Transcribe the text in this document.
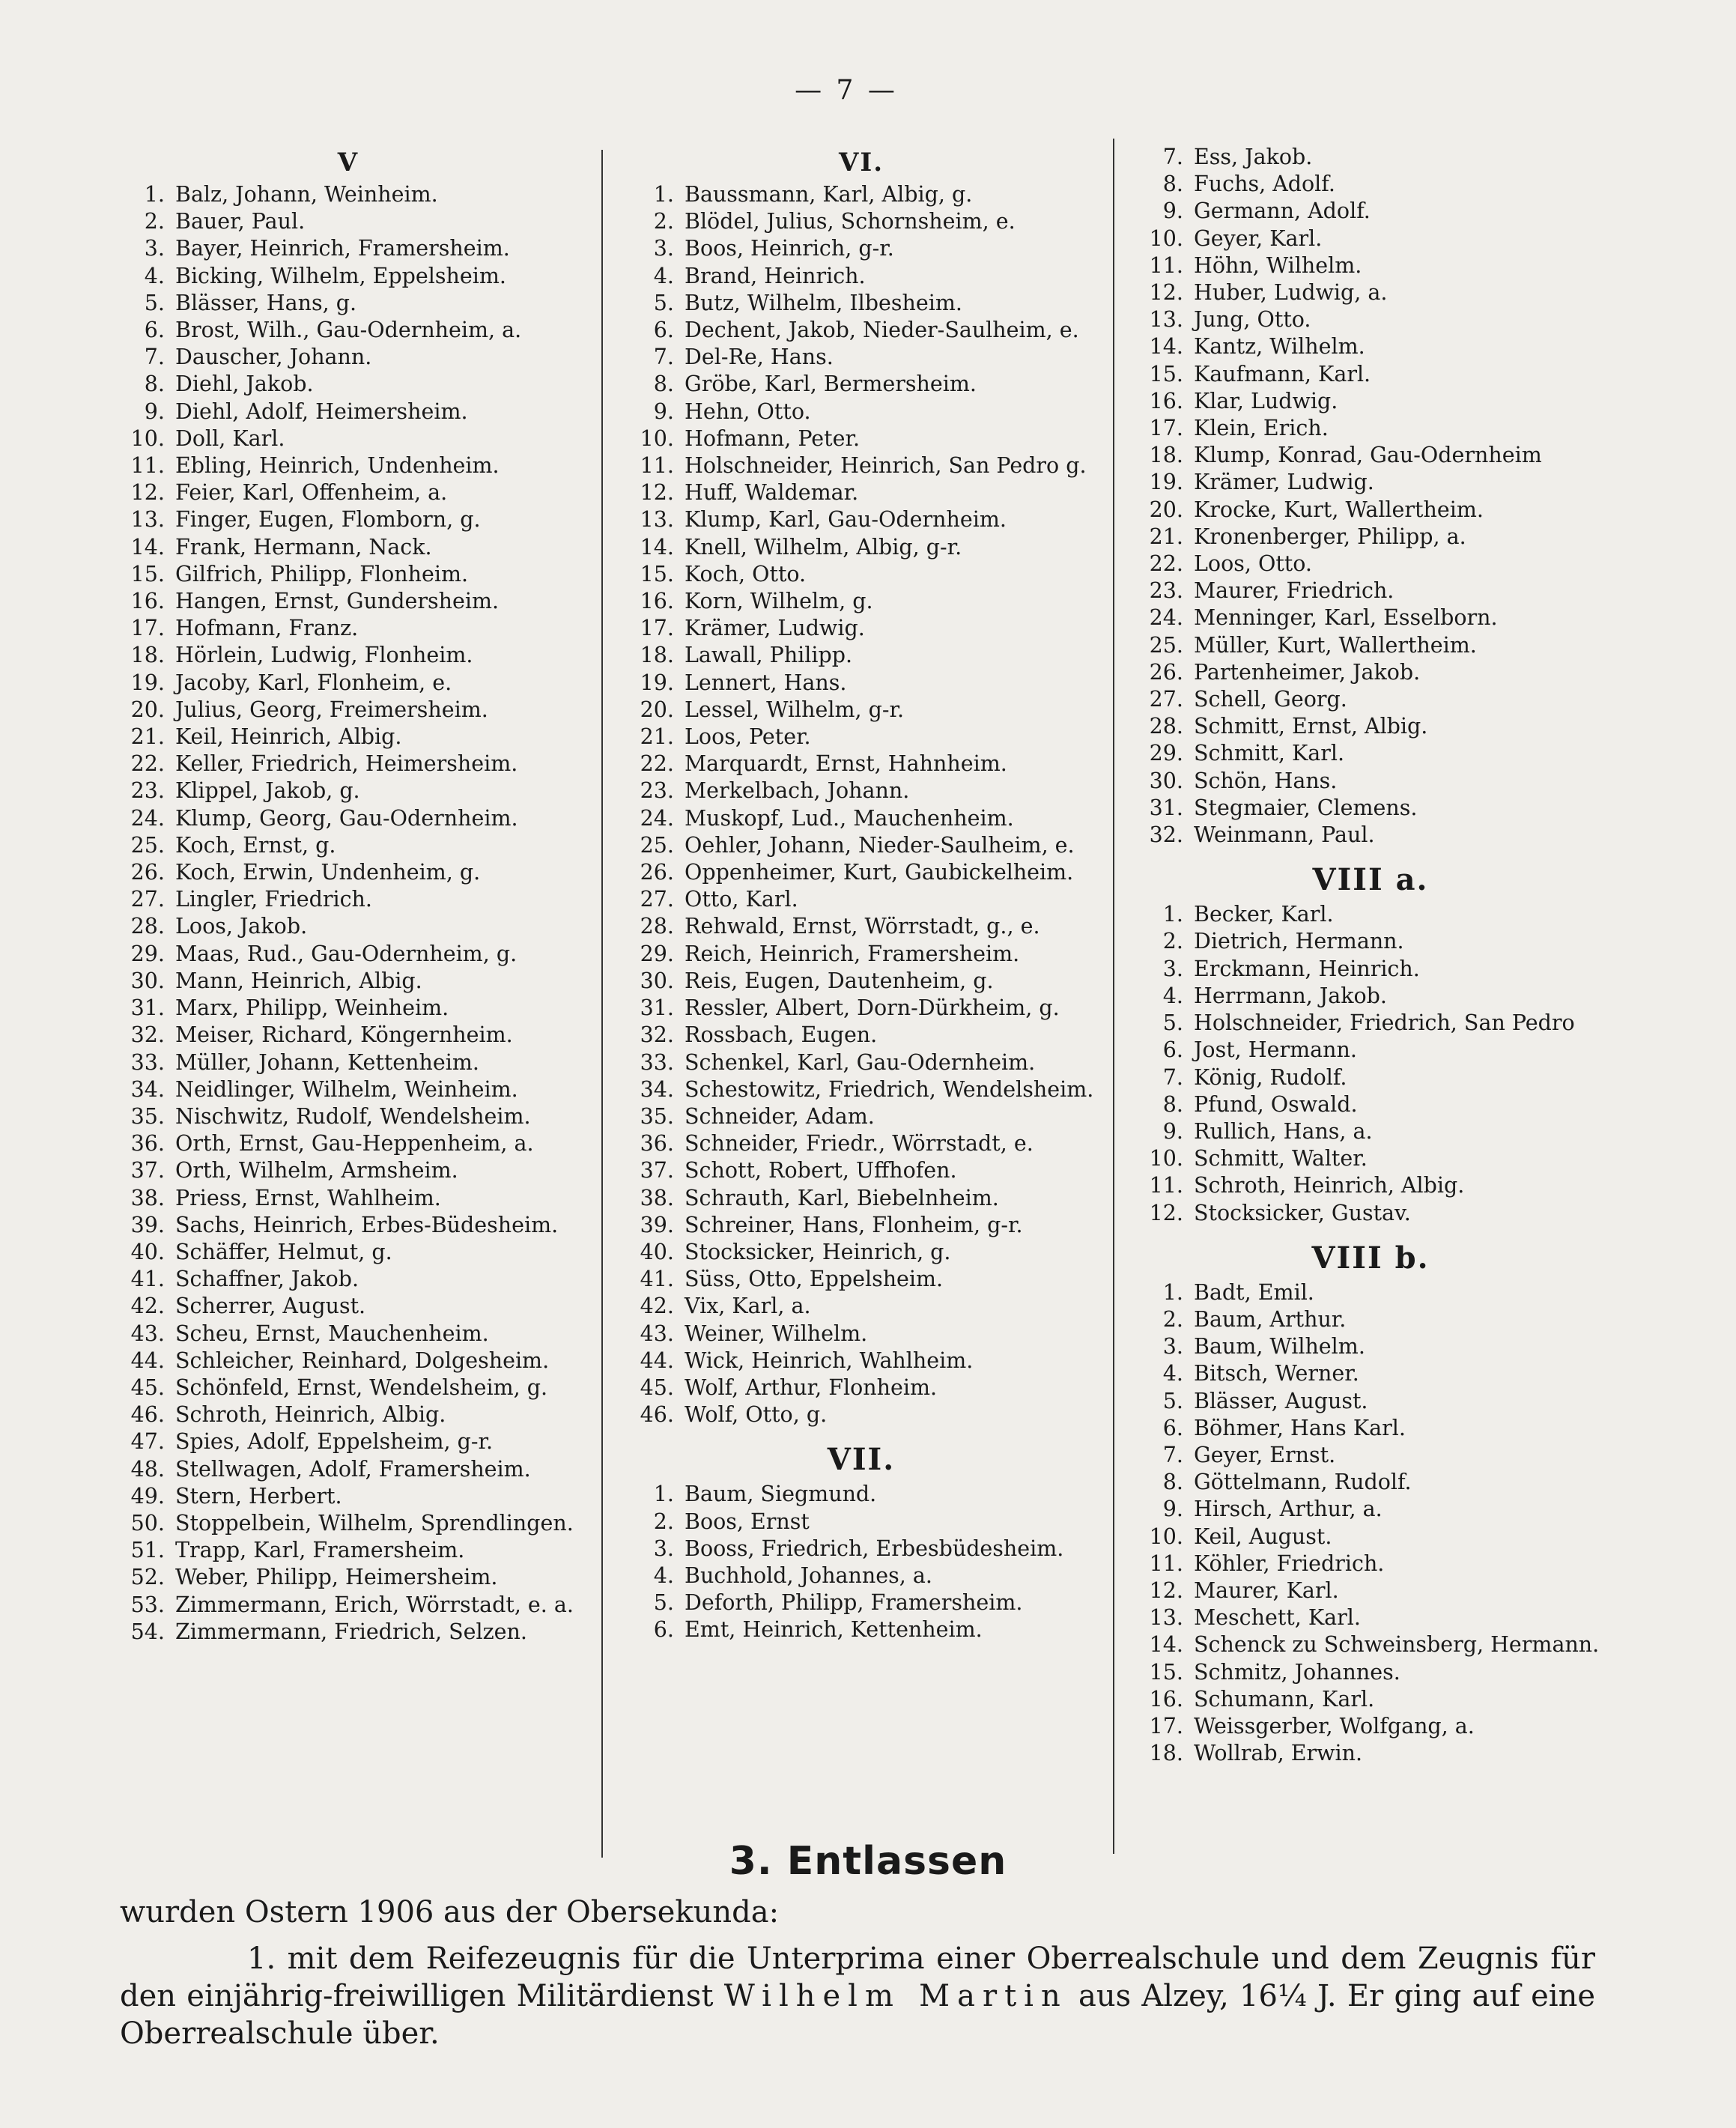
— 7 —
V
1. Balz, Johann, Weinheim.
2. Bauer, Paul.
3. Bayer, Heinrich, Framersheim.
4. Bicking, Wilhelm, Eppelsheim.
5. Blässer, Hans, g.
6. Brost, Wilh., Gau-Odernheim, a.
7. Dauscher, Johann.
8. Diehl, Jakob.
9. Diehl, Adolf, Heimersheim.
10. Doll, Karl.
11. Ebling, Heinrich, Undenheim.
12. Feier, Karl, Offenheim, a.
13. Finger, Eugen, Flomborn, g.
14. Frank, Hermann, Nack.
15. Gilfrich, Philipp, Flonheim.
16. Hangen, Ernst, Gundersheim.
17. Hofmann, Franz.
18. Hörlein, Ludwig, Flonheim.
19. Jacoby, Karl, Flonheim, e.
20. Julius, Georg, Freimersheim.
21. Keil, Heinrich, Albig.
22. Keller, Friedrich, Heimersheim.
23. Klippel, Jakob, g.
24. Klump, Georg, Gau-Odernheim.
25. Koch, Ernst, g.
26. Koch, Erwin, Undenheim, g.
27. Lingler, Friedrich.
28. Loos, Jakob.
29. Maas, Rud., Gau-Odernheim, g.
30. Mann, Heinrich, Albig.
31. Marx, Philipp, Weinheim.
32. Meiser, Richard, Köngernheim.
33. Müller, Johann, Kettenheim.
34. Neidlinger, Wilhelm, Weinheim.
35. Nischwitz, Rudolf, Wendelsheim.
36. Orth, Ernst, Gau-Heppenheim, a.
37. Orth, Wilhelm, Armsheim.
38. Priess, Ernst, Wahlheim.
39. Sachs, Heinrich, Erbes-Büdesheim.
40. Schäffer, Helmut, g.
41. Schaffner, Jakob.
42. Scherrer, August.
43. Scheu, Ernst, Mauchenheim.
44. Schleicher, Reinhard, Dolgesheim.
45. Schönfeld, Ernst, Wendelsheim, g.
46. Schroth, Heinrich, Albig.
47. Spies, Adolf, Eppelsheim, g-r.
48. Stellwagen, Adolf, Framersheim.
49. Stern, Herbert.
50. Stoppelbein, Wilhelm, Sprendlingen.
51. Trapp, Karl, Framersheim.
52. Weber, Philipp, Heimersheim.
53. Zimmermann, Erich, Wörrstadt, e. a.
54. Zimmermann, Friedrich, Selzen.
VI.
1. Baussmann, Karl, Albig, g.
2. Blödel, Julius, Schornsheim, e.
3. Boos, Heinrich, g-r.
4. Brand, Heinrich.
5. Butz, Wilhelm, Ilbesheim.
6. Dechent, Jakob, Nieder-Saulheim, e.
7. Del-Re, Hans.
8. Gröbe, Karl, Bermersheim.
9. Hehn, Otto.
10. Hofmann, Peter.
11. Holschneider, Heinrich, San Pedro g.
12. Huff, Waldemar.
13. Klump, Karl, Gau-Odernheim.
14. Knell, Wilhelm, Albig, g-r.
15. Koch, Otto.
16. Korn, Wilhelm, g.
17. Krämer, Ludwig.
18. Lawall, Philipp.
19. Lennert, Hans.
20. Lessel, Wilhelm, g-r.
21. Loos, Peter.
22. Marquardt, Ernst, Hahnheim.
23. Merkelbach, Johann.
24. Muskopf, Lud., Mauchenheim.
25. Oehler, Johann, Nieder-Saulheim, e.
26. Oppenheimer, Kurt, Gaubickelheim.
27. Otto, Karl.
28. Rehwald, Ernst, Wörrstadt, g., e.
29. Reich, Heinrich, Framersheim.
30. Reis, Eugen, Dautenheim, g.
31. Ressler, Albert, Dorn-Dürkheim, g.
32. Rossbach, Eugen.
33. Schenkel, Karl, Gau-Odernheim.
34. Schestowitz, Friedrich, Wendelsheim.
35. Schneider, Adam.
36. Schneider, Friedr., Wörrstadt, e.
37. Schott, Robert, Uffhofen.
38. Schrauth, Karl, Biebelnheim.
39. Schreiner, Hans, Flonheim, g-r.
40. Stocksicker, Heinrich, g.
41. Süss, Otto, Eppelsheim.
42. Vix, Karl, a.
43. Weiner, Wilhelm.
44. Wick, Heinrich, Wahlheim.
45. Wolf, Arthur, Flonheim.
46. Wolf, Otto, g.
VII.
1. Baum, Siegmund.
2. Boos, Ernst
3. Booss, Friedrich, Erbesbüdesheim.
4. Buchhold, Johannes, a.
5. Deforth, Philipp, Framersheim.
6. Emt, Heinrich, Kettenheim.
7. Ess, Jakob.
8. Fuchs, Adolf.
9. Germann, Adolf.
10. Geyer, Karl.
11. Höhn, Wilhelm.
12. Huber, Ludwig, a.
13. Jung, Otto.
14. Kantz, Wilhelm.
15. Kaufmann, Karl.
16. Klar, Ludwig.
17. Klein, Erich.
18. Klump, Konrad, Gau-Odernheim
19. Krämer, Ludwig.
20. Krocke, Kurt, Wallertheim.
21. Kronenberger, Philipp, a.
22. Loos, Otto.
23. Maurer, Friedrich.
24. Menninger, Karl, Esselborn.
25. Müller, Kurt, Wallertheim.
26. Partenheimer, Jakob.
27. Schell, Georg.
28. Schmitt, Ernst, Albig.
29. Schmitt, Karl.
30. Schön, Hans.
31. Stegmaier, Clemens.
32. Weinmann, Paul.
VIII a.
1. Becker, Karl.
2. Dietrich, Hermann.
3. Erckmann, Heinrich.
4. Herrmann, Jakob.
5. Holschneider, Friedrich, San Pedro
6. Jost, Hermann.
7. König, Rudolf.
8. Pfund, Oswald.
9. Rullich, Hans, a.
10. Schmitt, Walter.
11. Schroth, Heinrich, Albig.
12. Stocksicker, Gustav.
VIII b.
1. Badt, Emil.
2. Baum, Arthur.
3. Baum, Wilhelm.
4. Bitsch, Werner.
5. Blässer, August.
6. Böhmer, Hans Karl.
7. Geyer, Ernst.
8. Göttelmann, Rudolf.
9. Hirsch, Arthur, a.
10. Keil, August.
11. Köhler, Friedrich.
12. Maurer, Karl.
13. Meschett, Karl.
14. Schenck zu Schweinsberg, Hermann.
15. Schmitz, Johannes.
16. Schumann, Karl.
17. Weissgerber, Wolfgang, a.
18. Wollrab, Erwin.
3. Entlassen
wurden Ostern 1906 aus der Obersekunda:
1. mit dem Reifezeugnis für die Unterprima einer Oberrealschule und dem Zeugnis für den einjährig-freiwilligen Militärdienst Wilhelm Martin aus Alzey, 16¼ J. Er ging auf eine Oberrealschule über.
